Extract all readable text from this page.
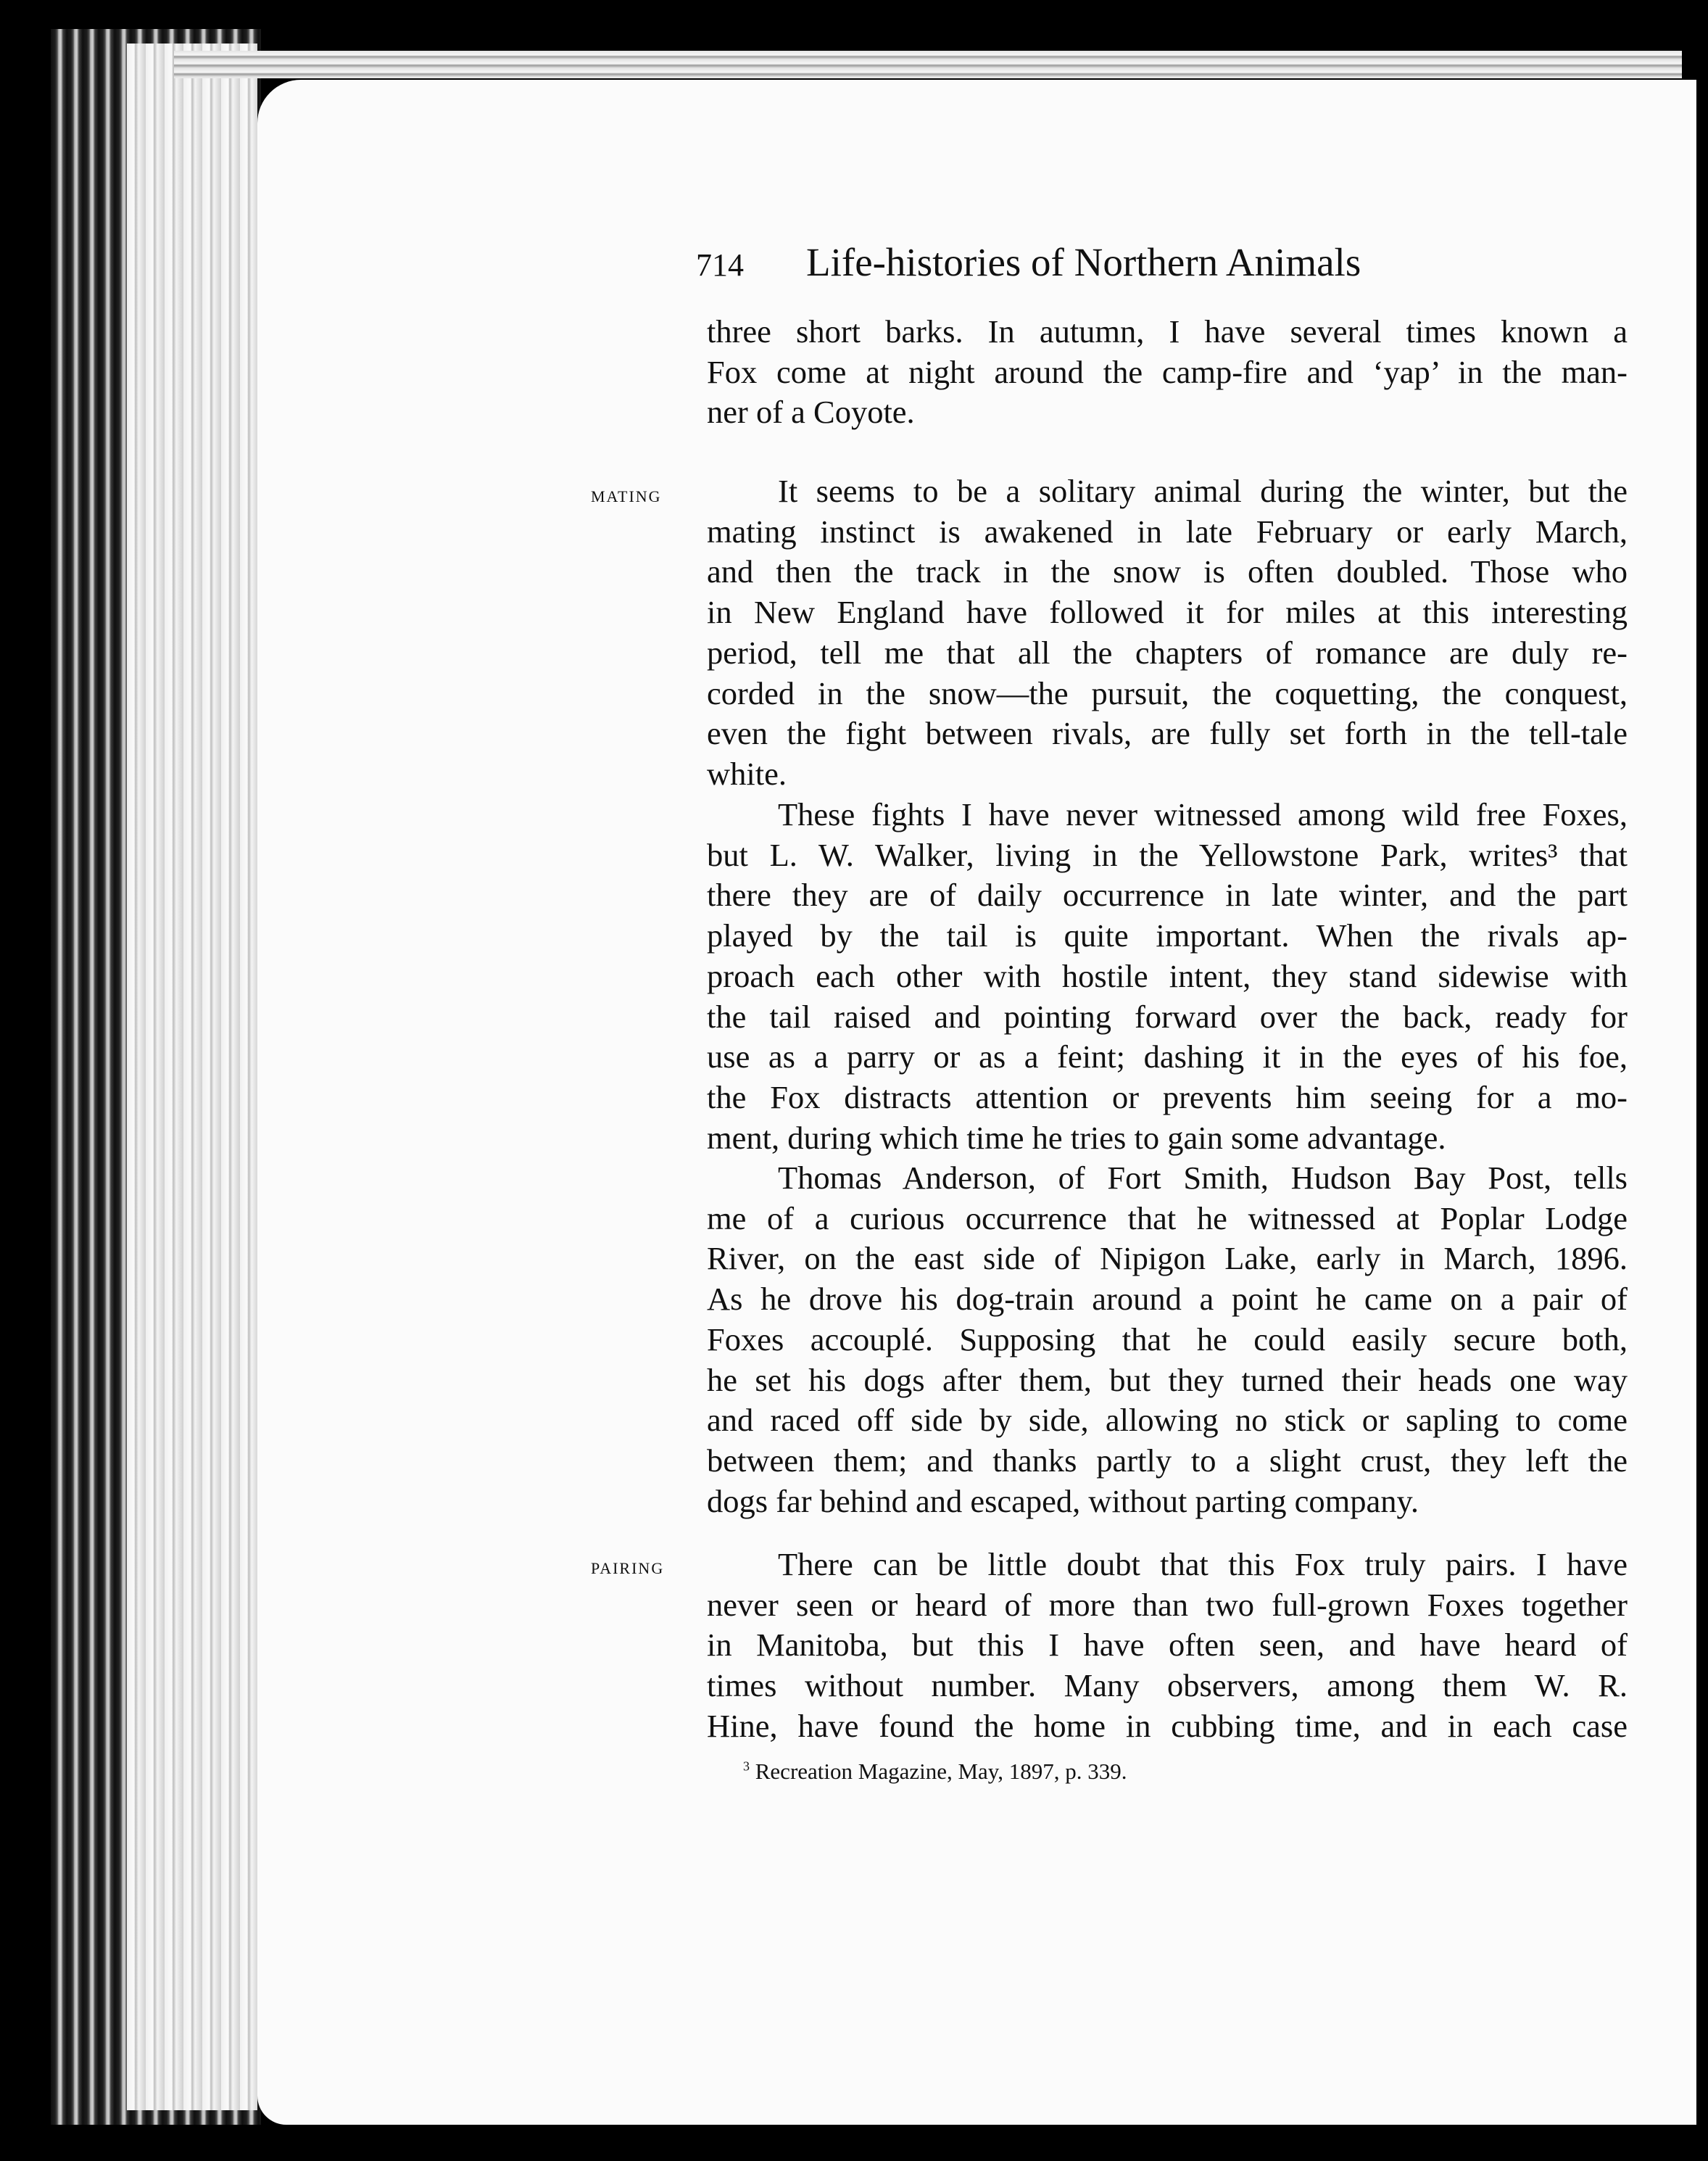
714 Life-histories of Northern Animals
three short barks. In autumn, I have several times known a
Fox come at night around the camp-fire and ‘yap’ in the man-
ner of a Coyote.
MATING	It seems to be a solitary animal during the winter, but the
mating instinct is awakened in late February or early March,
and then the track in the snow is often doubled. Those who
in New England have followed it for miles at this interesting
period, tell me that all the chapters of romance are duly re-
corded in the snow—the pursuit, the coquetting, the conquest,
even the fight between rivals, are fully set forth in the tell-tale
white.
These fights I have never witnessed among wild free Foxes,
but L. W. Walker, living in the Yellowstone Park, writes³ that
there they are of daily occurrence in late winter, and the part
played by the tail is quite important. When the rivals ap-
proach each other with hostile intent, they stand sidewise with
the tail raised and pointing forward over the back, ready for
use as a parry or as a feint; dashing it in the eyes of his foe,
the Fox distracts attention or prevents him seeing for a mo-
ment, during which time he tries to gain some advantage.
Thomas Anderson, of Fort Smith, Hudson Bay Post, tells
me of a curious occurrence that he witnessed at Poplar Lodge
River, on the east side of Nipigon Lake, early in March, 1896.
As he drove his dog-train around a point he came on a pair of
Foxes accouplé. Supposing that he could easily secure both,
he set his dogs after them, but they turned their heads one way
and raced off side by side, allowing no stick or sapling to come
between them; and thanks partly to a slight crust, they left the
dogs far behind and escaped, without parting company.
PAIRING	There can be little doubt that this Fox truly pairs. I have
never seen or heard of more than two full-grown Foxes together
in Manitoba, but this I have often seen, and have heard of
times without number. Many observers, among them W. R.
Hine, have found the home in cubbing time, and in each case
$^3$ Recreation Magazine, May, 1897, p. 339.
